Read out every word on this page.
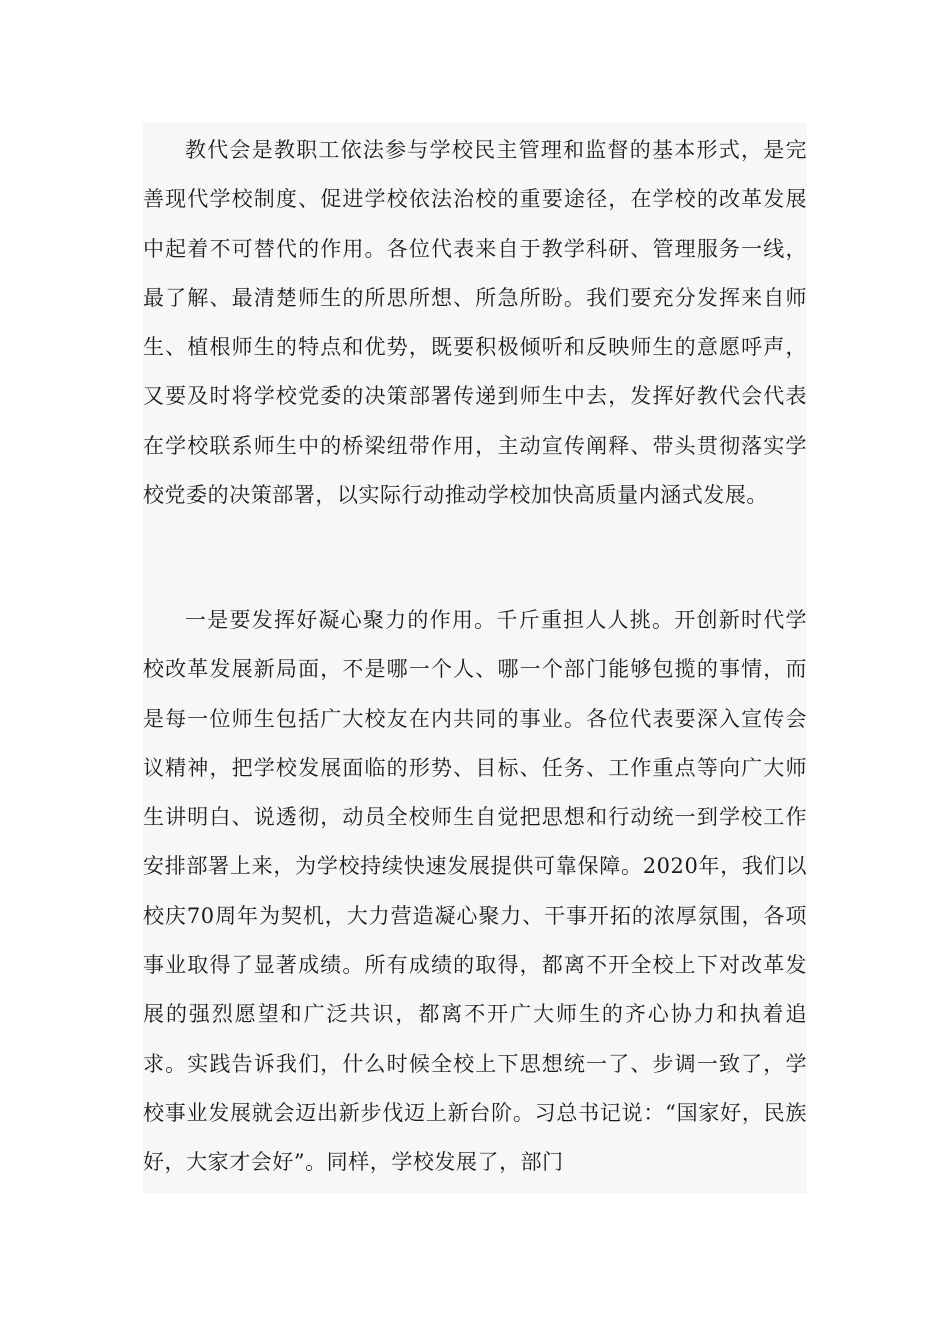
教代会是教职工依法参与学校民主管理和监督的基本形式，是完善现代学校制度、促进学校依法治校的重要途径，在学校的改革发展中起着不可替代的作用。各位代表来自于教学科研、管理服务一线，最了解、最清楚师生的所思所想、所急所盼。我们要充分发挥来自师生、植根师生的特点和优势，既要积极倾听和反映师生的意愿呼声，又要及时将学校党委的决策部署传递到师生中去，发挥好教代会代表在学校联系师生中的桥梁纽带作用，主动宣传阐释、带头贯彻落实学校党委的决策部署，以实际行动推动学校加快高质量内涵式发展。

一是要发挥好凝心聚力的作用。千斤重担人人挑。开创新时代学校改革发展新局面，不是哪一个人、哪一个部门能够包揽的事情，而是每一位师生包括广大校友在内共同的事业。各位代表要深入宣传会议精神，把学校发展面临的形势、目标、任务、工作重点等向广大师生讲明白、说透彻，动员全校师生自觉把思想和行动统一到学校工作安排部署上来，为学校持续快速发展提供可靠保障。2020年，我们以校庆70周年为契机，大力营造凝心聚力、干事开拓的浓厚氛围，各项事业取得了显著成绩。所有成绩的取得，都离不开全校上下对改革发展的强烈愿望和广泛共识，都离不开广大师生的齐心协力和执着追求。实践告诉我们，什么时候全校上下思想统一了、步调一致了，学校事业发展就会迈出新步伐迈上新台阶。习总书记说：“国家好，民族好，大家才会好”。同样，学校发展了，部门
